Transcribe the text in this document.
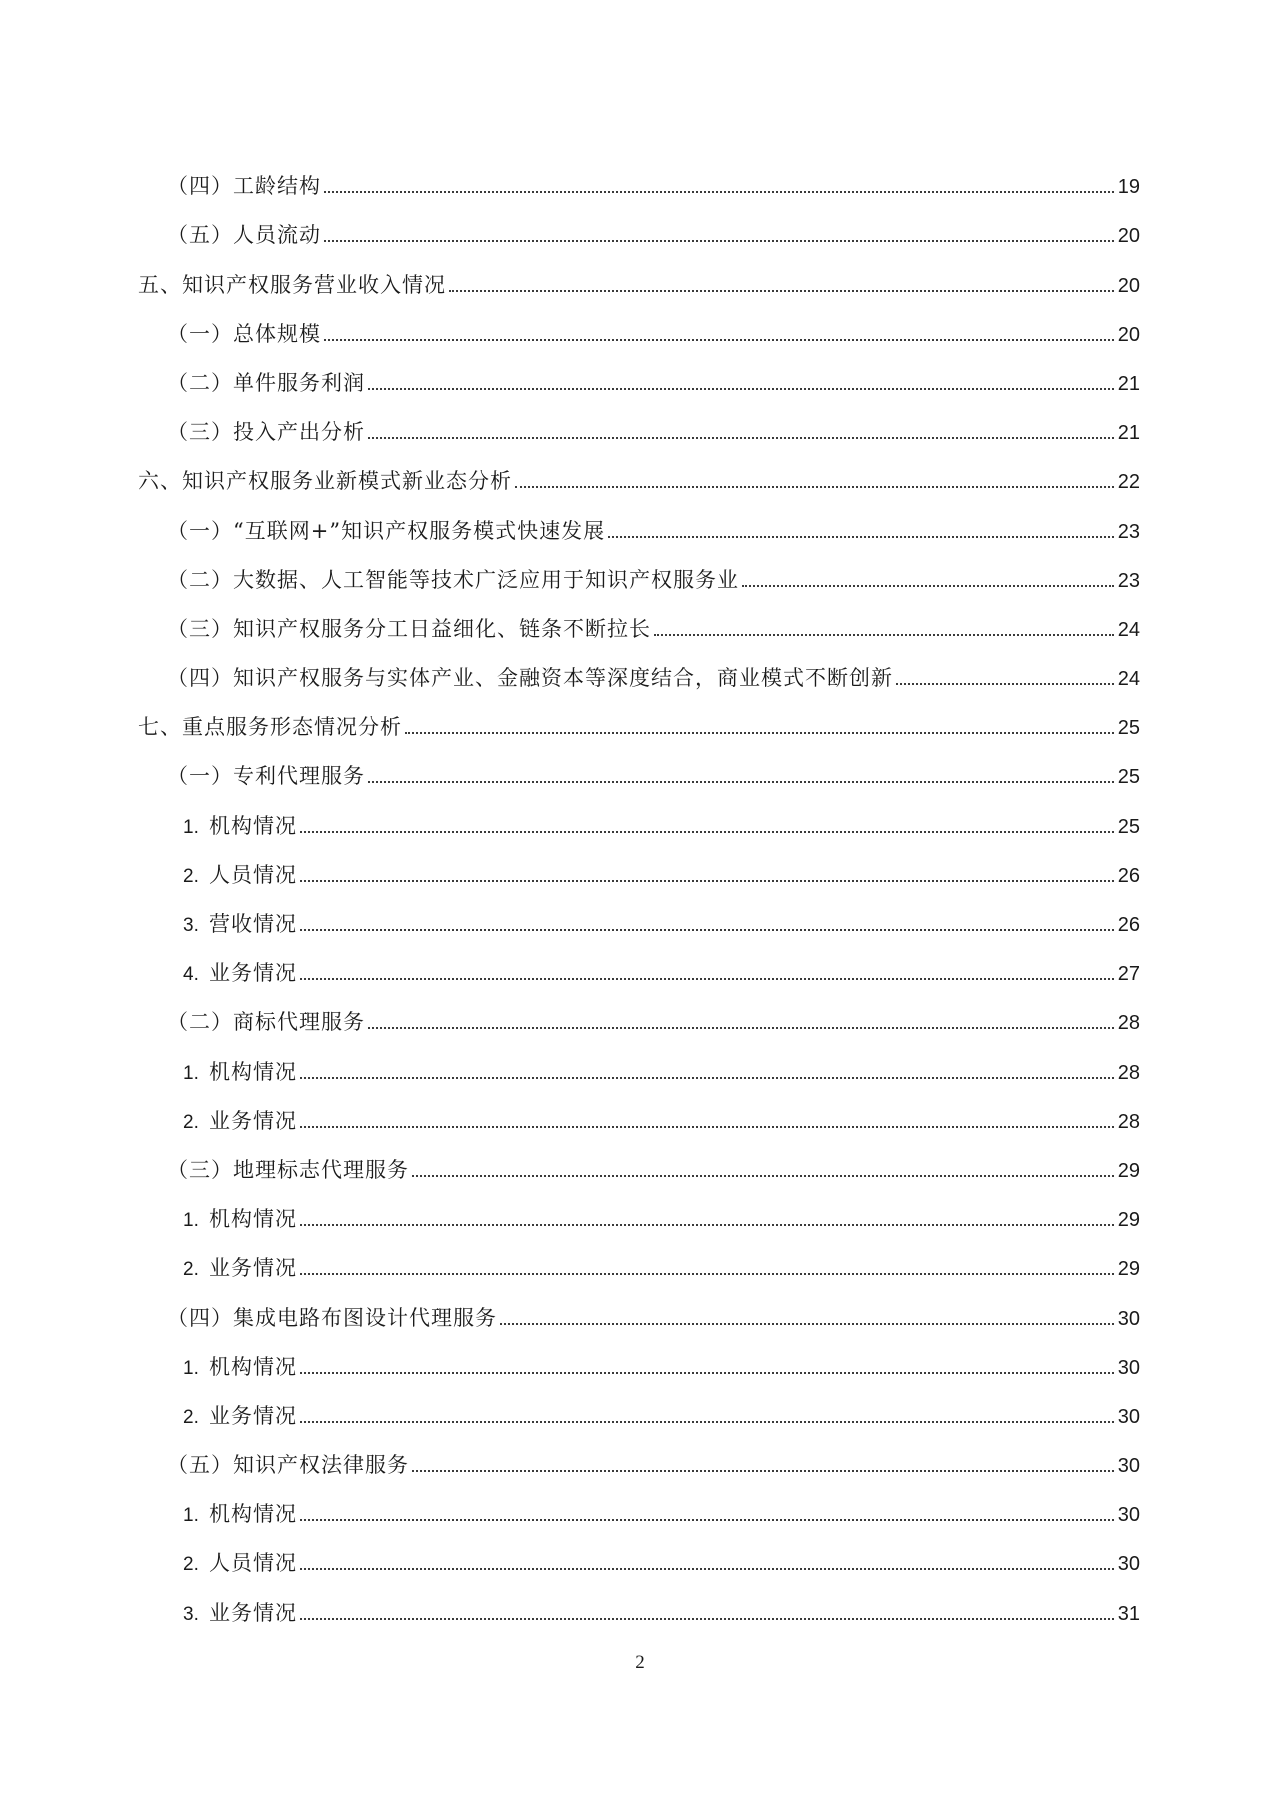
（四）工龄结构	19
（五）人员流动	20
五、知识产权服务营业收入情况	20
（一）总体规模	20
（二）单件服务利润	21
（三）投入产出分析	21
六、知识产权服务业新模式新业态分析	22
（一）“互联网+”知识产权服务模式快速发展	23
（二）大数据、人工智能等技术广泛应用于知识产权服务业	23
（三）知识产权服务分工日益细化、链条不断拉长	24
（四）知识产权服务与实体产业、金融资本等深度结合，商业模式不断创新	24
七、重点服务形态情况分析	25
（一）专利代理服务	25
1. 机构情况	25
2. 人员情况	26
3. 营收情况	26
4. 业务情况	27
（二）商标代理服务	28
1. 机构情况	28
2. 业务情况	28
（三）地理标志代理服务	29
1. 机构情况	29
2. 业务情况	29
（四）集成电路布图设计代理服务	30
1. 机构情况	30
2. 业务情况	30
（五）知识产权法律服务	30
1. 机构情况	30
2. 人员情况	30
3. 业务情况	31
2
